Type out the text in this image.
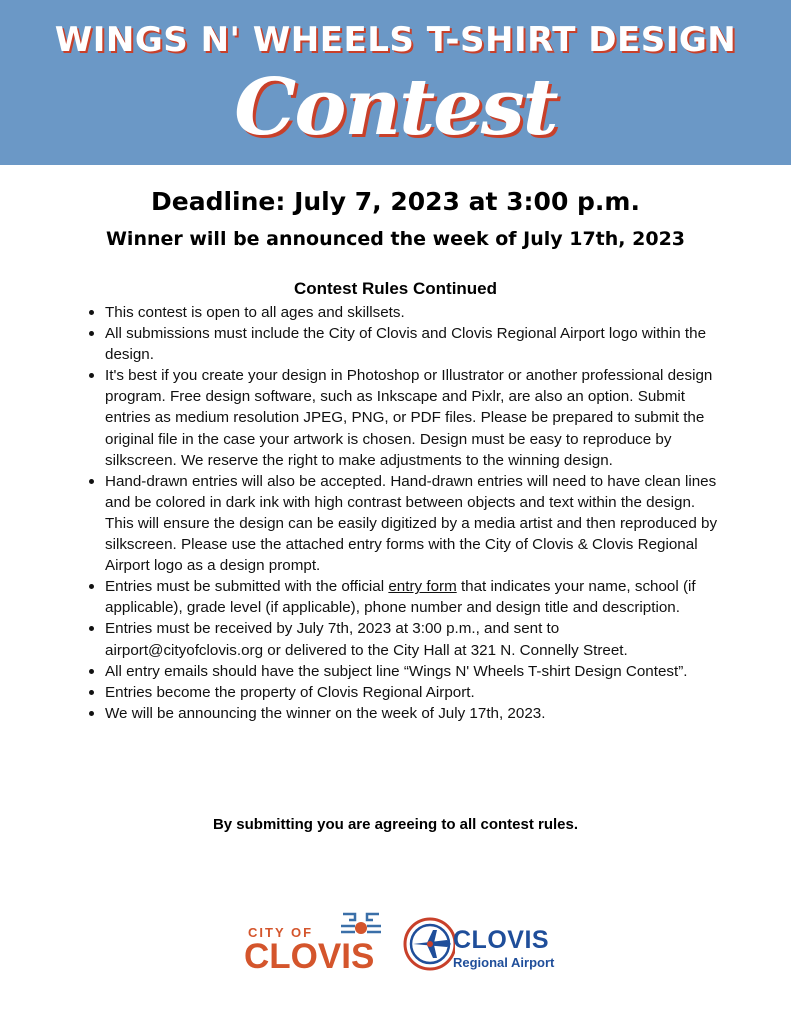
WINGS N' WHEELS T-SHIRT DESIGN
Contest
Deadline: July 7, 2023 at 3:00 p.m.
Winner will be announced the week of July 17th, 2023
Contest Rules Continued
This contest is open to all ages and skillsets.
All submissions must include the City of Clovis and Clovis Regional Airport logo within the design.
It's best if you create your design in Photoshop or Illustrator or another professional design program. Free design software, such as Inkscape and Pixlr, are also an option. Submit entries as medium resolution JPEG, PNG, or PDF files. Please be prepared to submit the original file in the case your artwork is chosen. Design must be easy to reproduce by silkscreen. We reserve the right to make adjustments to the winning design.
Hand-drawn entries will also be accepted. Hand-drawn entries will need to have clean lines and be colored in dark ink with high contrast between objects and text within the design. This will ensure the design can be easily digitized by a media artist and then reproduced by silkscreen. Please use the attached entry forms with the City of Clovis & Clovis Regional Airport logo as a design prompt.
Entries must be submitted with the official entry form that indicates your name, school (if applicable), grade level (if applicable), phone number and design title and description.
Entries must be received by July 7th, 2023 at 3:00 p.m., and sent to airport@cityofclovis.org or delivered to the City Hall at 321 N. Connelly Street.
All entry emails should have the subject line “Wings N' Wheels T-shirt Design Contest”.
Entries become the property of Clovis Regional Airport.
We will be announcing the winner on the week of July 17th, 2023.
By submitting you are agreeing to all contest rules.
CITY OF
CLOVIS	CLOVIS
Regional Airport
